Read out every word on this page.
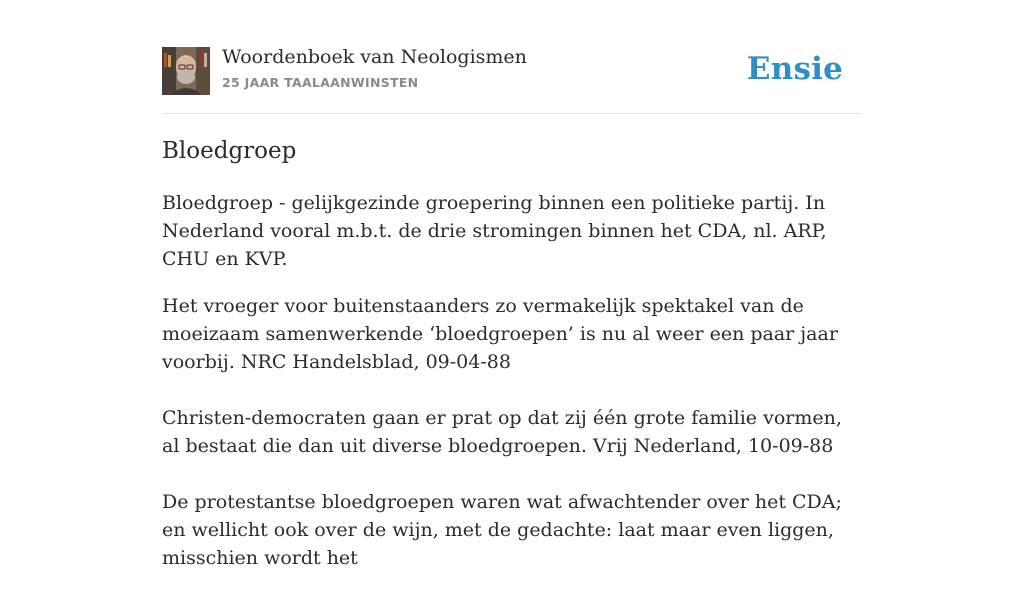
Woordenboek van Neologismen
25 JAAR TAALAANWINSTEN	Ensie
Bloedgroep

Bloedgroep - gelijkgezinde groepering binnen een politieke partij. In Nederland vooral m.b.t. de drie stromingen binnen het CDA, nl. ARP, CHU en KVP.

Het vroeger voor buitenstaanders zo vermakelijk spektakel van de moeizaam samenwerkende ‘bloedgroepen’ is nu al weer een paar jaar voorbij. NRC Handelsblad, 09-04-88

Christen-democraten gaan er prat op dat zij één grote familie vormen, al bestaat die dan uit diverse bloedgroepen. Vrij Nederland, 10-09-88

De protestantse bloedgroepen waren wat afwachtender over het CDA; en wellicht ook over de wijn, met de gedachte: laat maar even liggen, misschien wordt het
